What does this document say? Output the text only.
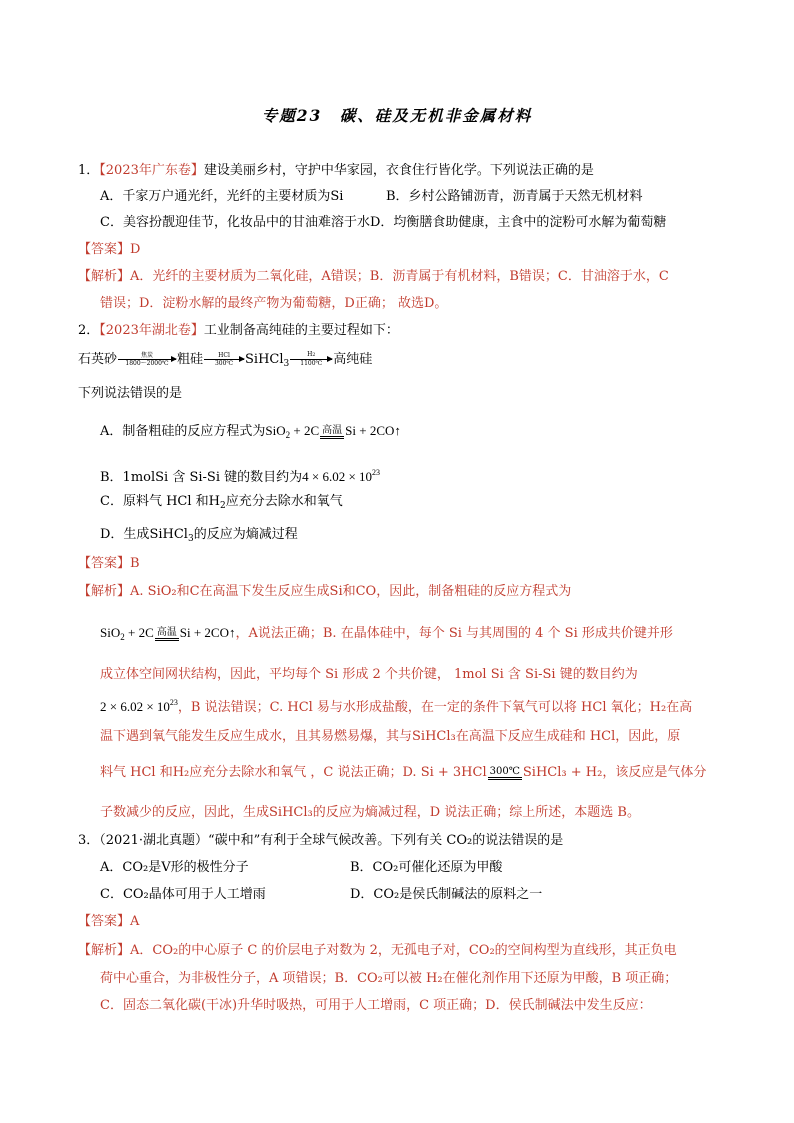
专题23　碳、硅及无机非金属材料
1．【2023年广东卷】建设美丽乡村，守护中华家园，衣食住行皆化学。下列说法正确的是
A．千家万户通光纤，光纤的主要材质为Si	B．乡村公路铺沥青，沥青属于天然无机材料
C．美容扮靓迎佳节，化妆品中的甘油难溶于水D．均衡膳食助健康，主食中的淀粉可水解为葡萄糖
【答案】D
【解析】A．光纤的主要材质为二氧化硅，A错误；B．沥青属于有机材料，B错误；C．甘油溶于水，C
错误；D．淀粉水解的最终产物为葡萄糖，D正确； 故选D。
2．【2023年湖北卷】工业制备高纯硅的主要过程如下：
石英砂	焦炭
1800～2000℃ 粗硅	HCl
300℃ SiHCl$_3$ $\frac{H2}{1100℃}$ 高纯硅
下列说法错误的是
A．制备粗硅的反应方程式为SiO$_2$ + 2C 高温 Si + 2CO↑
B．1molSi 含 Si-Si 键的数目约为$4 \times 6.02 \times 10^{23}$
C．原料气 HCl 和$H_2$应充分去除水和氧气
D．生成SiHCl$_3$的反应为熵减过程
【答案】B
【解析】A. SiO₂和C在高温下发生反应生成Si和CO，因此，制备粗硅的反应方程式为
SiO$_2$ + 2C 高温 Si + 2CO↑，A说法正确；B. 在晶体硅中，每个 Si 与其周围的 4 个 Si 形成共价键并形
成立体空间网状结构，因此，平均每个 Si 形成 2 个共价键， 1mol Si 含 Si-Si 键的数目约为
$2 \times 6.02 \times 10^{23}$，B 说法错误；C. HCl 易与水形成盐酸，在一定的条件下氧气可以将 HCl 氧化；H₂在高
温下遇到氧气能发生反应生成水，且其易燃易爆，其与SiHCl₃在高温下反应生成硅和 HCl，因此，原
料气 HCl 和H₂应充分去除水和氧气 ，C 说法正确；D. Si + 3HCl 300℃ SiHCl₃ + H₂，该反应是气体分
子数减少的反应，因此，生成SiHCl₃的反应为熵减过程，D 说法正确；综上所述，本题选 B。
3．（2021·湖北真题）“碳中和”有利于全球气候改善。下列有关 CO₂的说法错误的是
A．CO₂是Ⅴ形的极性分子	B．CO₂可催化还原为甲酸
C．CO₂晶体可用于人工增雨	D．CO₂是侯氏制碱法的原料之一
【答案】A
【解析】A．CO₂的中心原子 C 的价层电子对数为 2，无孤电子对，CO₂的空间构型为直线形，其正负电
荷中心重合，为非极性分子，A 项错误；B．CO₂可以被 H₂在催化剂作用下还原为甲酸，B 项正确；
C．固态二氧化碳(干冰)升华时吸热，可用于人工增雨，C 项正确；D．侯氏制碱法中发生反应：
